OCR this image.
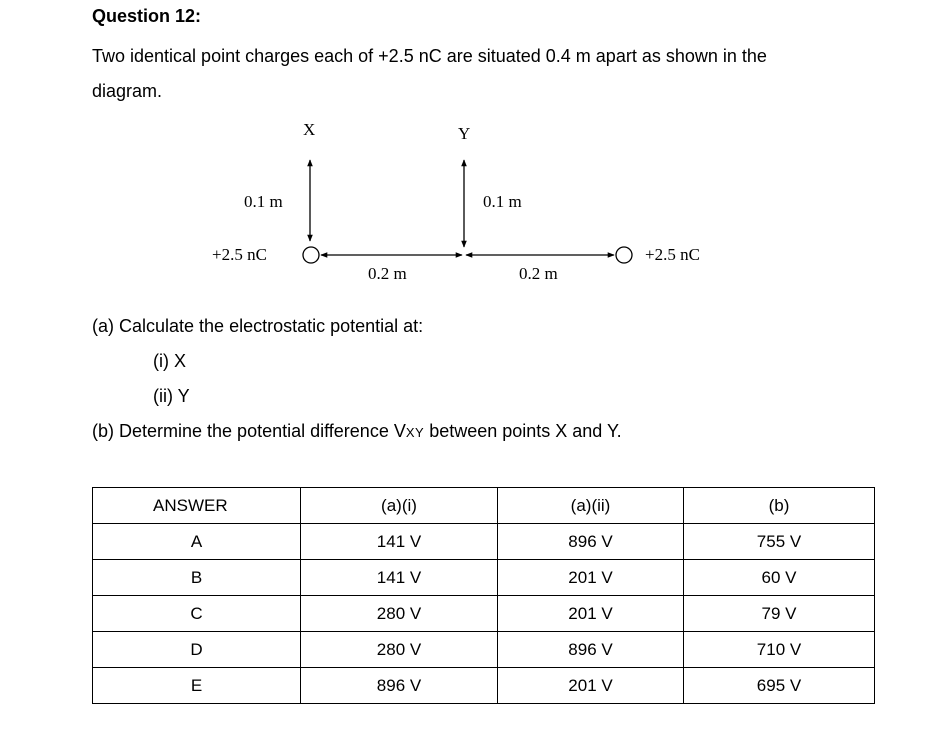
Question 12:
Two identical point charges each of +2.5 nC are situated 0.4 m apart as shown in the
diagram.
X	Y
0.1 m	0.1 m
+2.5 nC	+2.5 nC
0.2 m	0.2 m
(a) Calculate the electrostatic potential at:
(i) X
(ii) Y
(b) Determine the potential difference VXY between points X and Y.
ANSWER	(a)(i)	(a)(ii)	(b)
A	141 V	896 V	755 V
B	141 V	201 V	60 V
C	280 V	201 V	79 V
D	280 V	896 V	710 V
E	896 V	201 V	695 V
